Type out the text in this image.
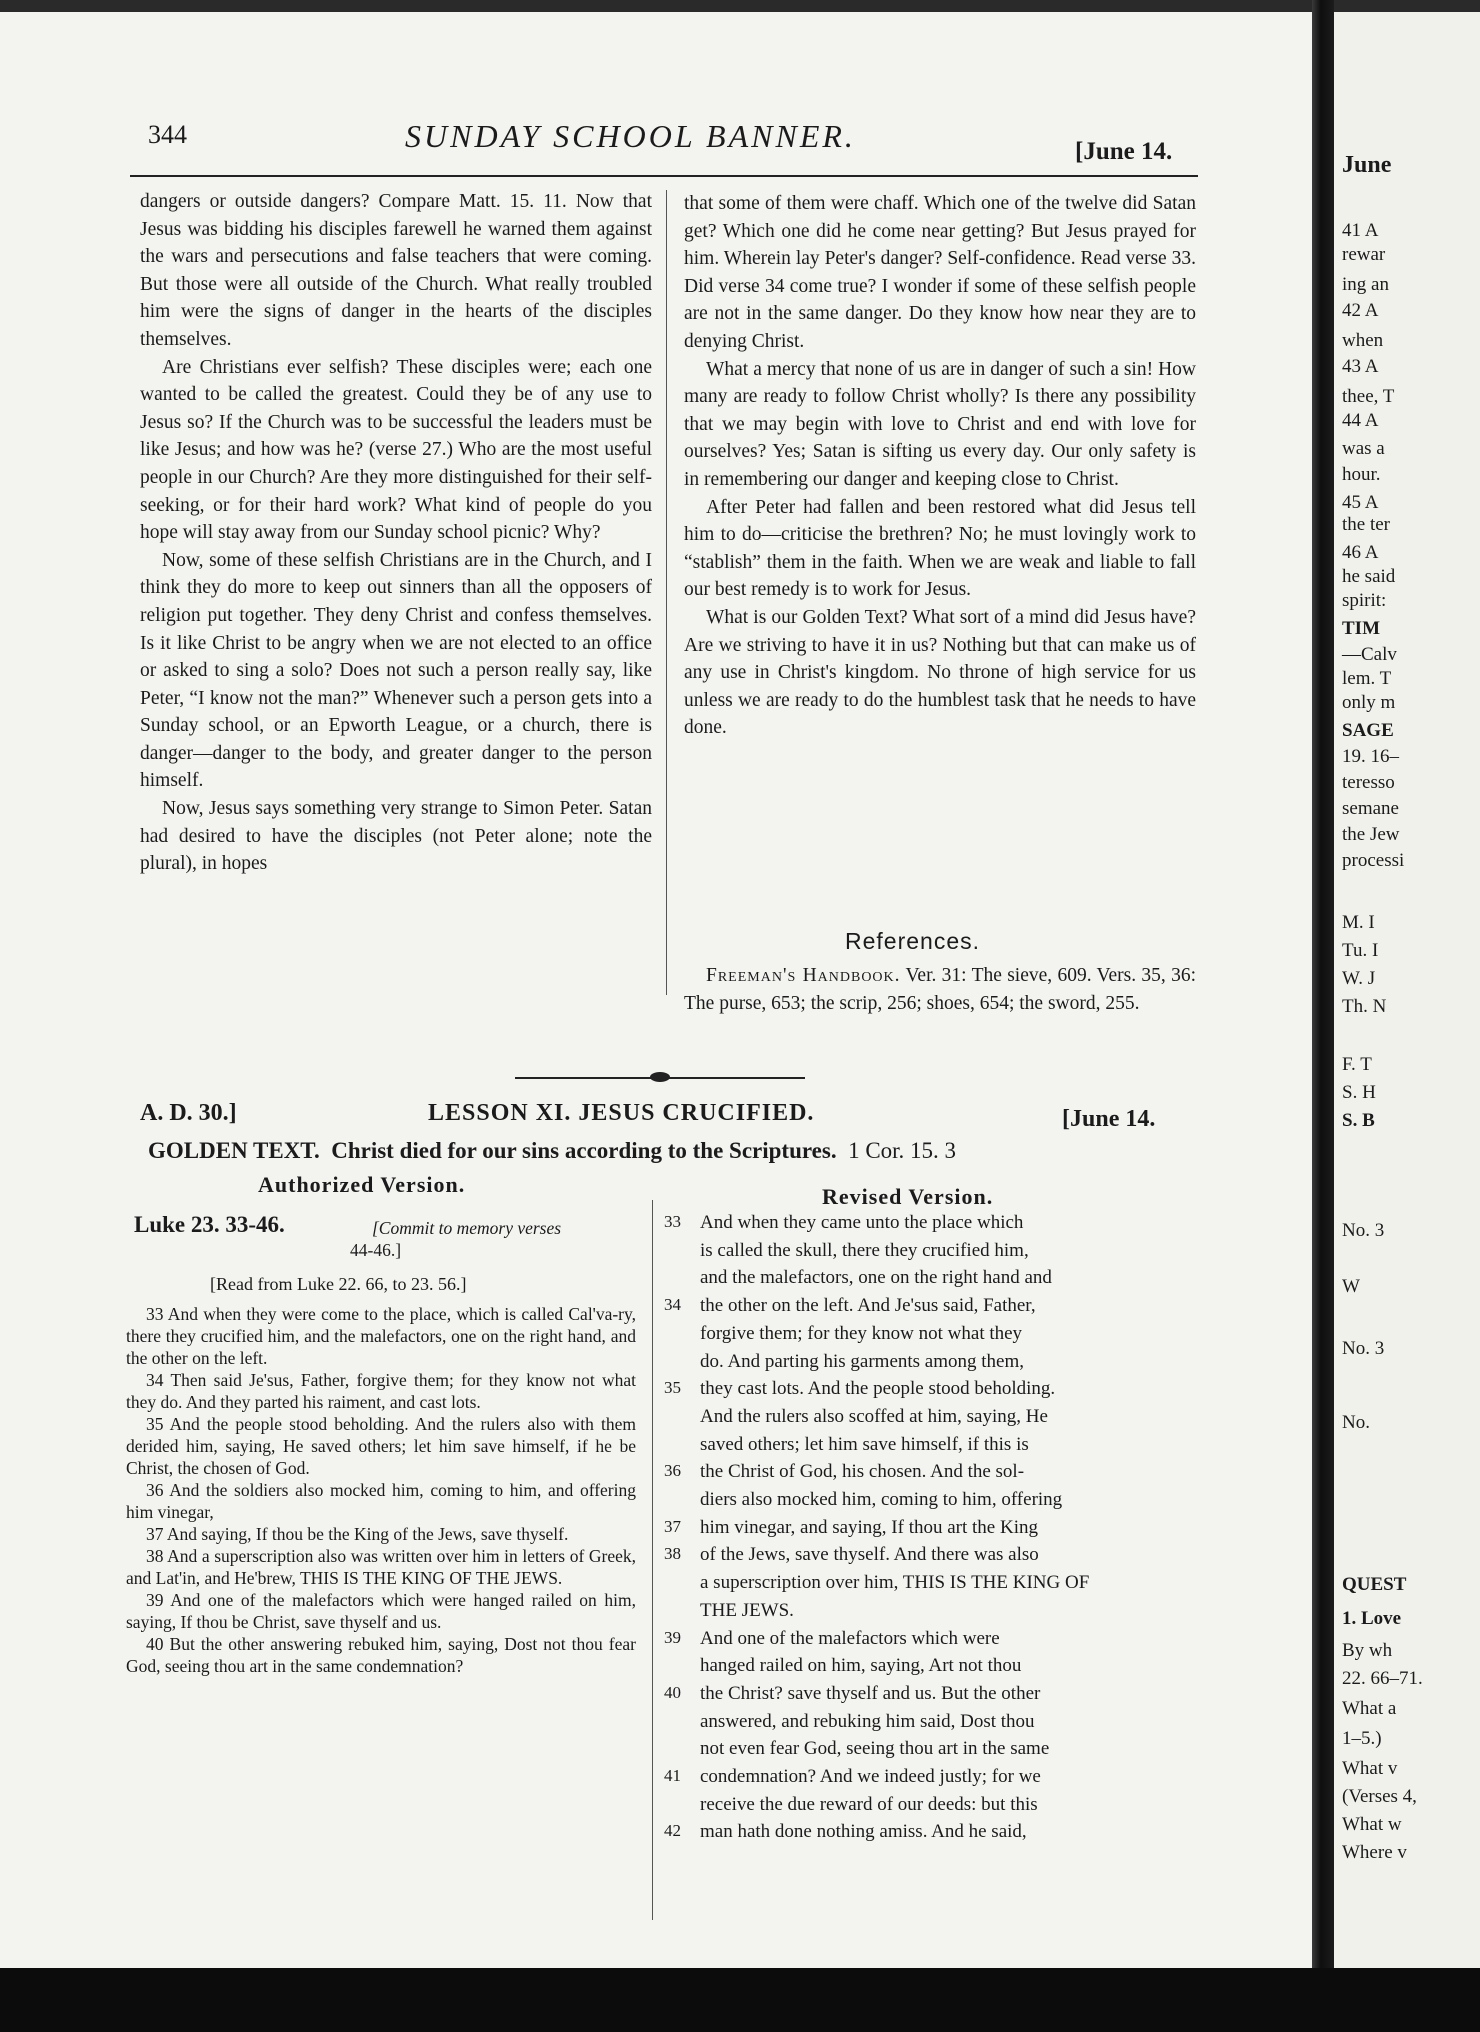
344	SUNDAY SCHOOL BANNER.	[June 14.

dangers or outside dangers? Compare Matt. 15. 11. Now that Jesus was bidding his disciples farewell he warned them against the wars and persecutions and false teachers that were coming. But those were all outside of the Church. What really troubled him were the signs of danger in the hearts of the disciples themselves.

Are Christians ever selfish? These disciples were; each one wanted to be called the greatest. Could they be of any use to Jesus so? If the Church was to be successful the leaders must be like Jesus; and how was he? (verse 27.) Who are the most useful people in our Church? Are they more distinguished for their self-seeking, or for their hard work? What kind of people do you hope will stay away from our Sunday school picnic? Why?

Now, some of these selfish Christians are in the Church, and I think they do more to keep out sinners than all the opposers of religion put together. They deny Christ and confess themselves. Is it like Christ to be angry when we are not elected to an office or asked to sing a solo? Does not such a person really say, like Peter, “I know not the man?” Whenever such a person gets into a Sunday school, or an Epworth League, or a church, there is danger—danger to the body, and greater danger to the person himself.

Now, Jesus says something very strange to Simon Peter. Satan had desired to have the disciples (not Peter alone; note the plural), in hopes

that some of them were chaff. Which one of the twelve did Satan get? Which one did he come near getting? But Jesus prayed for him. Wherein lay Peter's danger? Self-confidence. Read verse 33. Did verse 34 come true? I wonder if some of these selfish people are not in the same danger. Do they know how near they are to denying Christ.

What a mercy that none of us are in danger of such a sin! How many are ready to follow Christ wholly? Is there any possibility that we may begin with love to Christ and end with love for ourselves? Yes; Satan is sifting us every day. Our only safety is in remembering our danger and keeping close to Christ.

After Peter had fallen and been restored what did Jesus tell him to do—criticise the brethren? No; he must lovingly work to “stablish” them in the faith. When we are weak and liable to fall our best remedy is to work for Jesus.

What is our Golden Text? What sort of a mind did Jesus have? Are we striving to have it in us? Nothing but that can make us of any use in Christ's kingdom. No throne of high service for us unless we are ready to do the humblest task that he needs to have done.

References.
Freeman's Handbook. Ver. 31: The sieve, 609. Vers. 35, 36: The purse, 653; the scrip, 256; shoes, 654; the sword, 255.
A. D. 30.]	LESSON XI. JESUS CRUCIFIED.	[June 14.
GOLDEN TEXT. Christ died for our sins according to the Scriptures. 1 Cor. 15. 3
Authorized Version.	Revised Version.
Luke 23. 33-46.	[Commit to memory verses
44-46.]
[Read from Luke 22. 66, to 23. 56.]

33 And when they were come to the place, which is called Cal'va-ry, there they crucified him, and the malefactors, one on the right hand, and the other on the left.

34 Then said Je'sus, Father, forgive them; for they know not what they do. And they parted his raiment, and cast lots.

35 And the people stood beholding. And the rulers also with them derided him, saying, He saved others; let him save himself, if he be Christ, the chosen of God.

36 And the soldiers also mocked him, coming to him, and offering him vinegar,

37 And saying, If thou be the King of the Jews, save thyself.

38 And a superscription also was written over him in letters of Greek, and Lat'in, and He'brew, THIS IS THE KING OF THE JEWS.

39 And one of the malefactors which were hanged railed on him, saying, If thou be Christ, save thyself and us.

40 But the other answering rebuked him, saying, Dost not thou fear God, seeing thou art in the same condemnation?

33 And when they came unto the place which
is called the skull, there they crucified him,
and the malefactors, one on the right hand and
34 the other on the left. And Je'sus said, Father,
forgive them; for they know not what they
do. And parting his garments among them,
35 they cast lots. And the people stood beholding.
And the rulers also scoffed at him, saying, He
saved others; let him save himself, if this is
36 the Christ of God, his chosen. And the sol-
diers also mocked him, coming to him, offering
37 him vinegar, and saying, If thou art the King
38 of the Jews, save thyself. And there was also
a superscription over him, THIS IS THE KING OF
THE JEWS.
39 And one of the malefactors which were
hanged railed on him, saying, Art not thou
40 the Christ? save thyself and us. But the other
answered, and rebuking him said, Dost thou
not even fear God, seeing thou art in the same
41 condemnation? And we indeed justly; for we
receive the due reward of our deeds: but this
42 man hath done nothing amiss. And he said,
June
41 A
rewar
ing an
42 A
when
43 A
thee, T
44 A
was a
hour.
45 A
the ter
46 A
he said
spirit:
TIM
—Calv
lem. T
only m
SAGE
19. 16–
teresso
semane
the Jew
processi
M. I
Tu. I
W. J
Th. N
F. T
S. H
S. B
No. 3
W
No. 3
No.
QUEST
1. Love
By wh
22. 66–71.
What a
1–5.)
What v
(Verses 4,
What w
Where v
